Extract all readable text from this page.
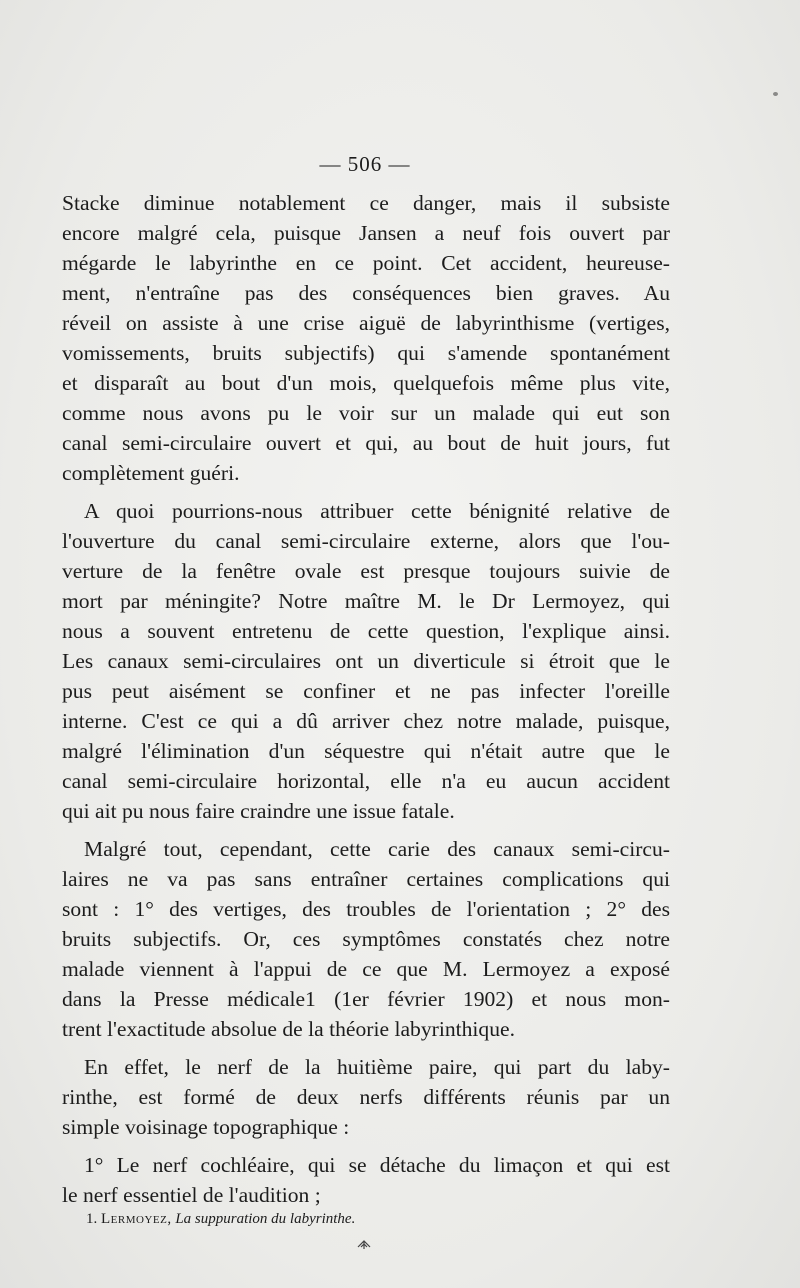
— 506 —
Stacke diminue notablement ce danger, mais il subsiste
encore malgré cela, puisque Jansen a neuf fois ouvert par
mégarde le labyrinthe en ce point. Cet accident, heureuse-
ment, n'entraîne pas des conséquences bien graves. Au
réveil on assiste à une crise aiguë de labyrinthisme (vertiges,
vomissements, bruits subjectifs) qui s'amende spontanément
et disparaît au bout d'un mois, quelquefois même plus vite,
comme nous avons pu le voir sur un malade qui eut son
canal semi-circulaire ouvert et qui, au bout de huit jours, fut
complètement guéri.
A quoi pourrions-nous attribuer cette bénignité relative de
l'ouverture du canal semi-circulaire externe, alors que l'ou-
verture de la fenêtre ovale est presque toujours suivie de
mort par méningite? Notre maître M. le Dr Lermoyez, qui
nous a souvent entretenu de cette question, l'explique ainsi.
Les canaux semi-circulaires ont un diverticule si étroit que le
pus peut aisément se confiner et ne pas infecter l'oreille
interne. C'est ce qui a dû arriver chez notre malade, puisque,
malgré l'élimination d'un séquestre qui n'était autre que le
canal semi-circulaire horizontal, elle n'a eu aucun accident
qui ait pu nous faire craindre une issue fatale.
Malgré tout, cependant, cette carie des canaux semi-circu-
laires ne va pas sans entraîner certaines complications qui
sont : 1° des vertiges, des troubles de l'orientation ; 2° des
bruits subjectifs. Or, ces symptômes constatés chez notre
malade viennent à l'appui de ce que M. Lermoyez a exposé
dans la Presse médicale1 (1er février 1902) et nous mon-
trent l'exactitude absolue de la théorie labyrinthique.
En effet, le nerf de la huitième paire, qui part du laby-
rinthe, est formé de deux nerfs différents réunis par un
simple voisinage topographique :
1° Le nerf cochléaire, qui se détache du limaçon et qui est
le nerf essentiel de l'audition ;
1. Lermoyez, La suppuration du labyrinthe.
